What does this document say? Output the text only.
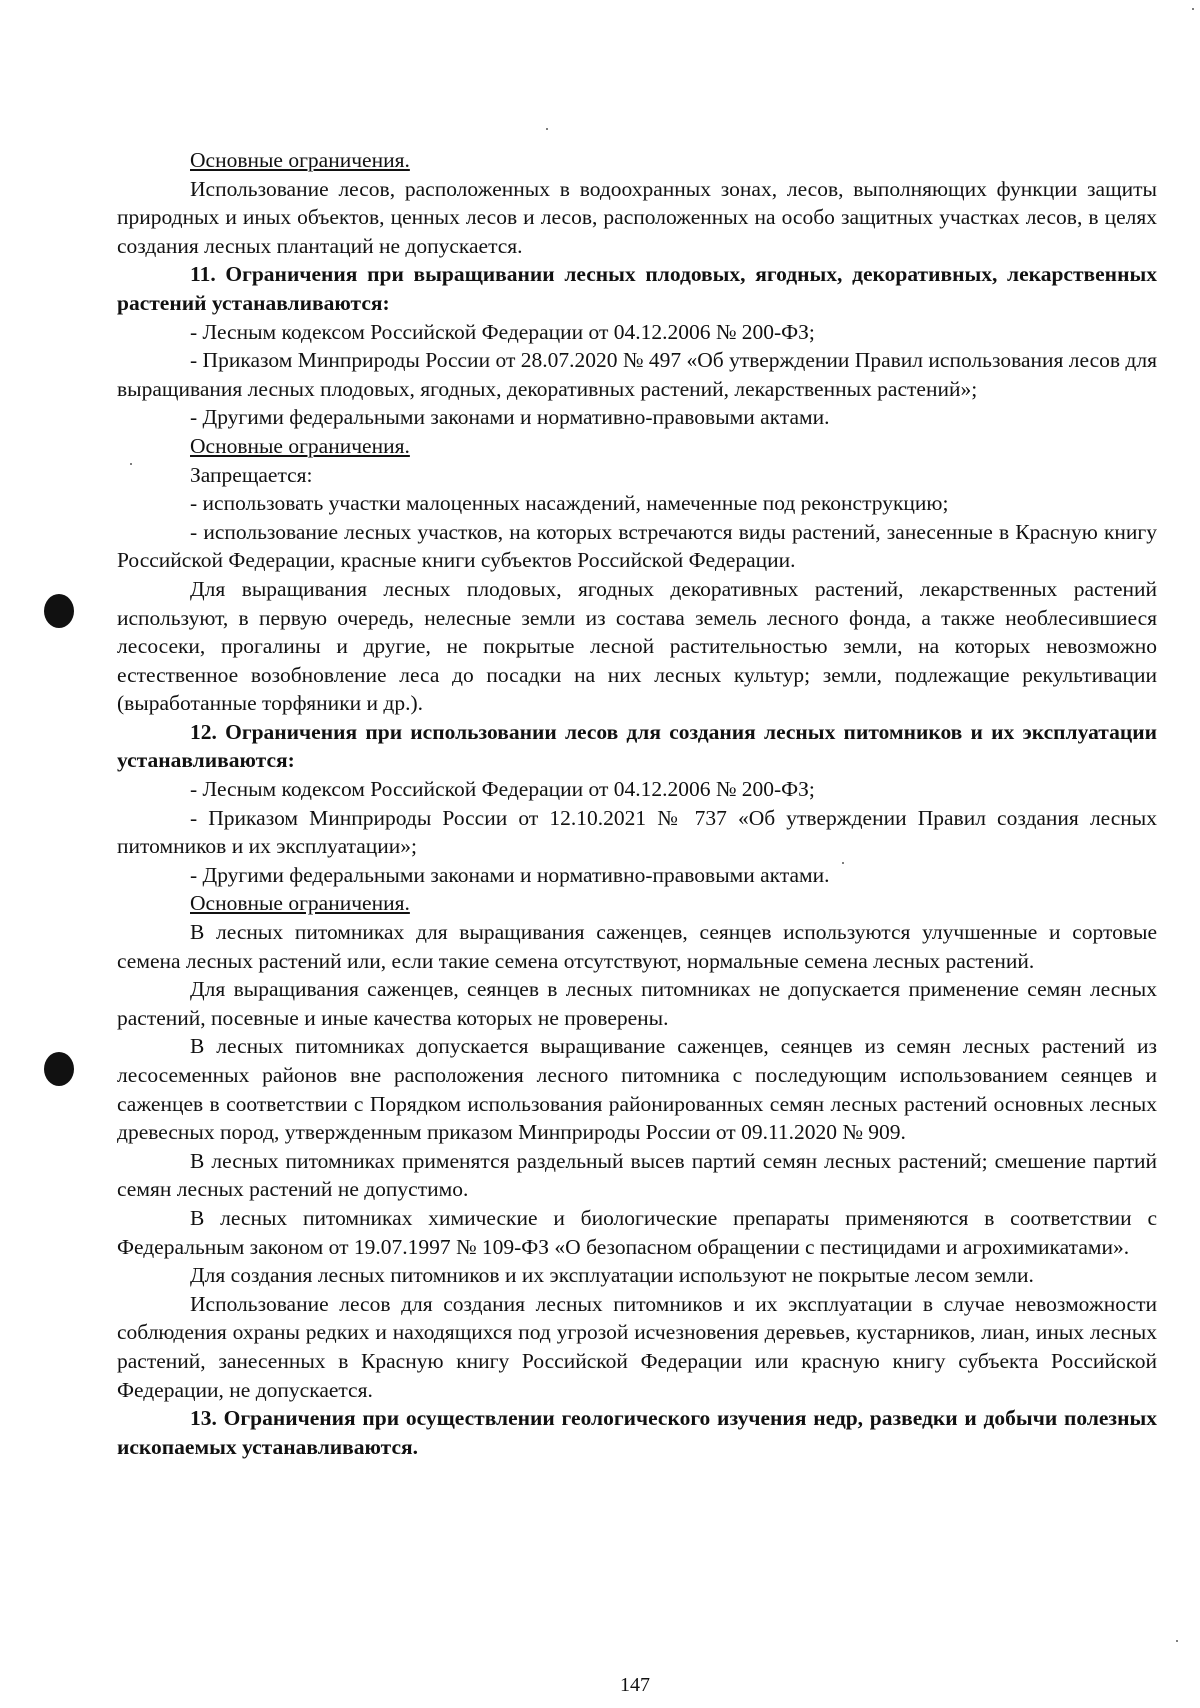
Основные ограничения.

Использование лесов, расположенных в водоохранных зонах, лесов, выполняющих функции защиты природных и иных объектов, ценных лесов и лесов, расположенных на особо защитных участках лесов, в целях создания лесных плантаций не допускается.

11. Ограничения при выращивании лесных плодовых, ягодных, декоративных, лекарственных растений устанавливаются:

- Лесным кодексом Российской Федерации от 04.12.2006 № 200-ФЗ;

- Приказом Минприроды России от 28.07.2020 № 497 «Об утверждении Правил использования лесов для выращивания лесных плодовых, ягодных, декоративных растений, лекарственных растений»;

- Другими федеральными законами и нормативно-правовыми актами.

Основные ограничения.

Запрещается:

- использовать участки малоценных насаждений, намеченные под реконструкцию;

- использование лесных участков, на которых встречаются виды растений, занесенные в Красную книгу Российской Федерации, красные книги субъектов Российской Федерации.

Для выращивания лесных плодовых, ягодных декоративных растений, лекарственных растений используют, в первую очередь, нелесные земли из состава земель лесного фонда, а также необлесившиеся лесосеки, прогалины и другие, не покрытые лесной растительностью земли, на которых невозможно естественное возобновление леса до посадки на них лесных культур; земли, подлежащие рекультивации (выработанные торфяники и др.).

12. Ограничения при использовании лесов для создания лесных питомников и их эксплуатации устанавливаются:

- Лесным кодексом Российской Федерации от 04.12.2006 № 200-ФЗ;

- Приказом Минприроды России от 12.10.2021 № 737 «Об утверждении Правил создания лесных питомников и их эксплуатации»;

- Другими федеральными законами и нормативно-правовыми актами.

Основные ограничения.

В лесных питомниках для выращивания саженцев, сеянцев используются улучшенные и сортовые семена лесных растений или, если такие семена отсутствуют, нормальные семена лесных растений.

Для выращивания саженцев, сеянцев в лесных питомниках не допускается применение семян лесных растений, посевные и иные качества которых не проверены.

В лесных питомниках допускается выращивание саженцев, сеянцев из семян лесных растений из лесосеменных районов вне расположения лесного питомника с последующим использованием сеянцев и саженцев в соответствии с Порядком использования районированных семян лесных растений основных лесных древесных пород, утвержденным приказом Минприроды России от 09.11.2020 № 909.

В лесных питомниках применятся раздельный высев партий семян лесных растений; смешение партий семян лесных растений не допустимо.

В лесных питомниках химические и биологические препараты применяются в соответствии с Федеральным законом от 19.07.1997 № 109-ФЗ «О безопасном обращении с пестицидами и агрохимикатами».

Для создания лесных питомников и их эксплуатации используют не покрытые лесом земли.

Использование лесов для создания лесных питомников и их эксплуатации в случае невозможности соблюдения охраны редких и находящихся под угрозой исчезновения деревьев, кустарников, лиан, иных лесных растений, занесенных в Красную книгу Российской Федерации или красную книгу субъекта Российской Федерации, не допускается.

13. Ограничения при осуществлении геологического изучения недр, разведки и добычи полезных ископаемых устанавливаются.

147
